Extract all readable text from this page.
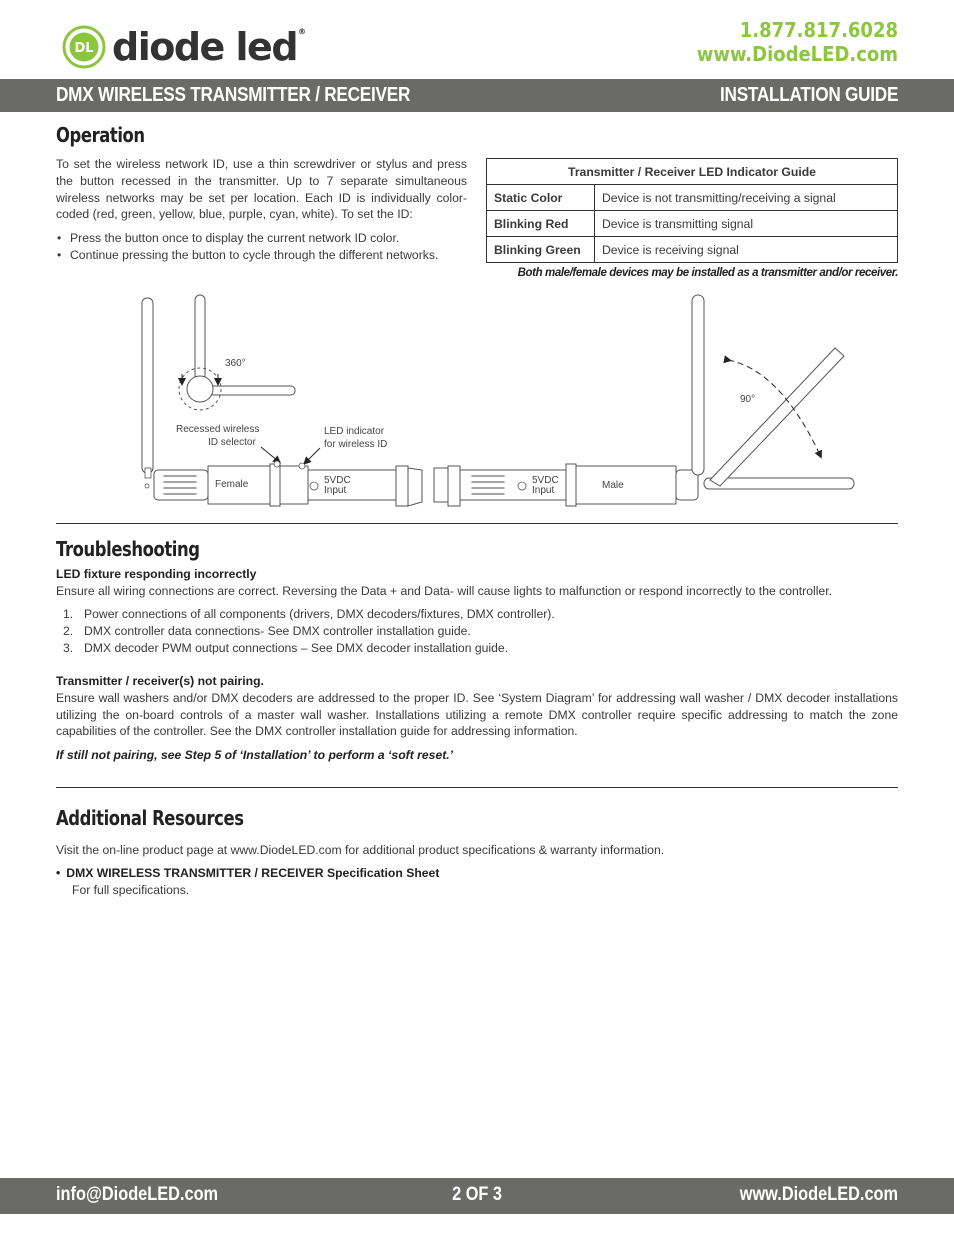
DL diode led®	1.877.817.6028
www.DiodeLED.com
DMX WIRELESS TRANSMITTER / RECEIVER	INSTALLATION GUIDE
Operation
To set the wireless network ID, use a thin screwdriver or stylus and press the button recessed in the transmitter. Up to 7 separate simultaneous wireless networks may be set per location. Each ID is individually color-coded (red, green, yellow, blue, purple, cyan, white). To set the ID:
• Press the button once to display the current network ID color.
• Continue pressing the button to cycle through the different networks.
Transmitter / Receiver LED Indicator Guide	
Static Color	Device is not transmitting/receiving a signal
Blinking Red	Device is transmitting signal
Blinking Green	Device is receiving signal
Both male/female devices may be installed as a transmitter and/or receiver.
360°
Recessed wireless
ID selector
LED indicator
for wireless ID
Female	5VDC
Input
5VDC
Input	Male
90°
Troubleshooting
LED fixture responding incorrectly
Ensure all wiring connections are correct. Reversing the Data + and Data- will cause lights to malfunction or respond incorrectly to the controller.
1. Power connections of all components (drivers, DMX decoders/fixtures, DMX controller).
2. DMX controller data connections- See DMX controller installation guide.
3. DMX decoder PWM output connections – See DMX decoder installation guide.
Transmitter / receiver(s) not pairing.
Ensure wall washers and/or DMX decoders are addressed to the proper ID. See ‘System Diagram’ for addressing wall washer / DMX decoder installations utilizing the on-board controls of a master wall washer. Installations utilizing a remote DMX controller require specific addressing to match the zone capabilities of the controller. See the DMX controller installation guide for addressing information.
If still not pairing, see Step 5 of ‘Installation’ to perform a ‘soft reset.’
Additional Resources
Visit the on-line product page at www.DiodeLED.com for additional product specifications & warranty information.
• DMX WIRELESS TRANSMITTER / RECEIVER Specification Sheet
For full specifications.
info@DiodeLED.com	2 OF 3	www.DiodeLED.com
